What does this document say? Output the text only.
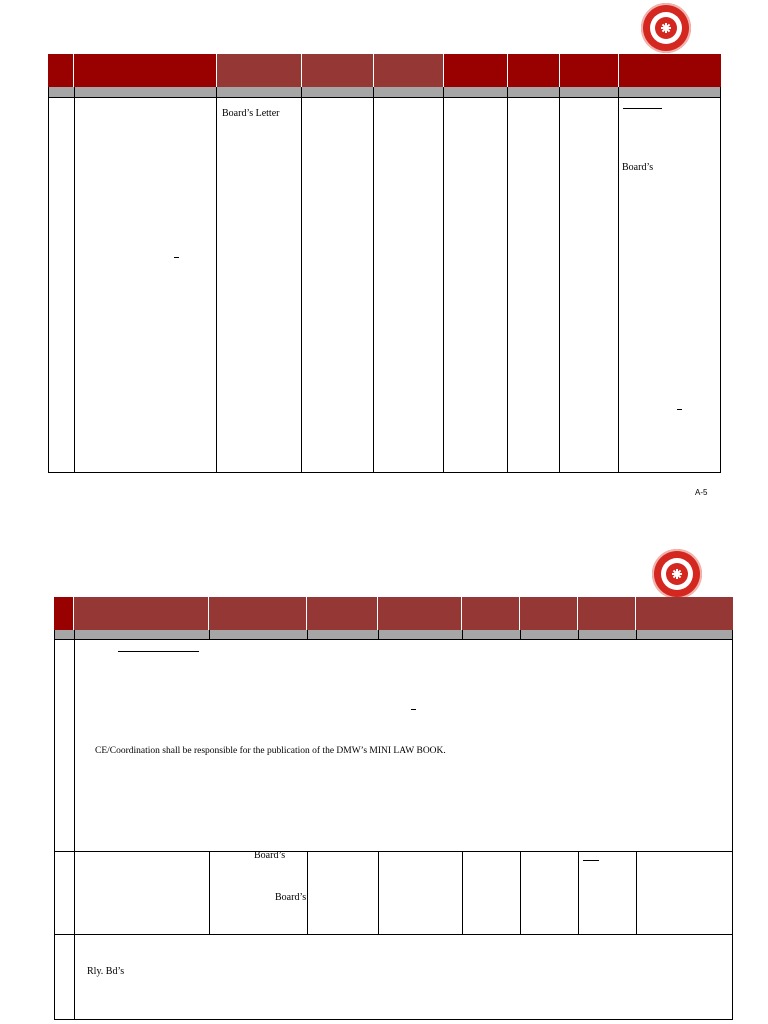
Board’s Letter
Board’s
A-5
CE/Coordination shall be responsible for the publication of the DMW’s MINI LAW BOOK.
Board’s
Board’s
Rly. Bd’s
